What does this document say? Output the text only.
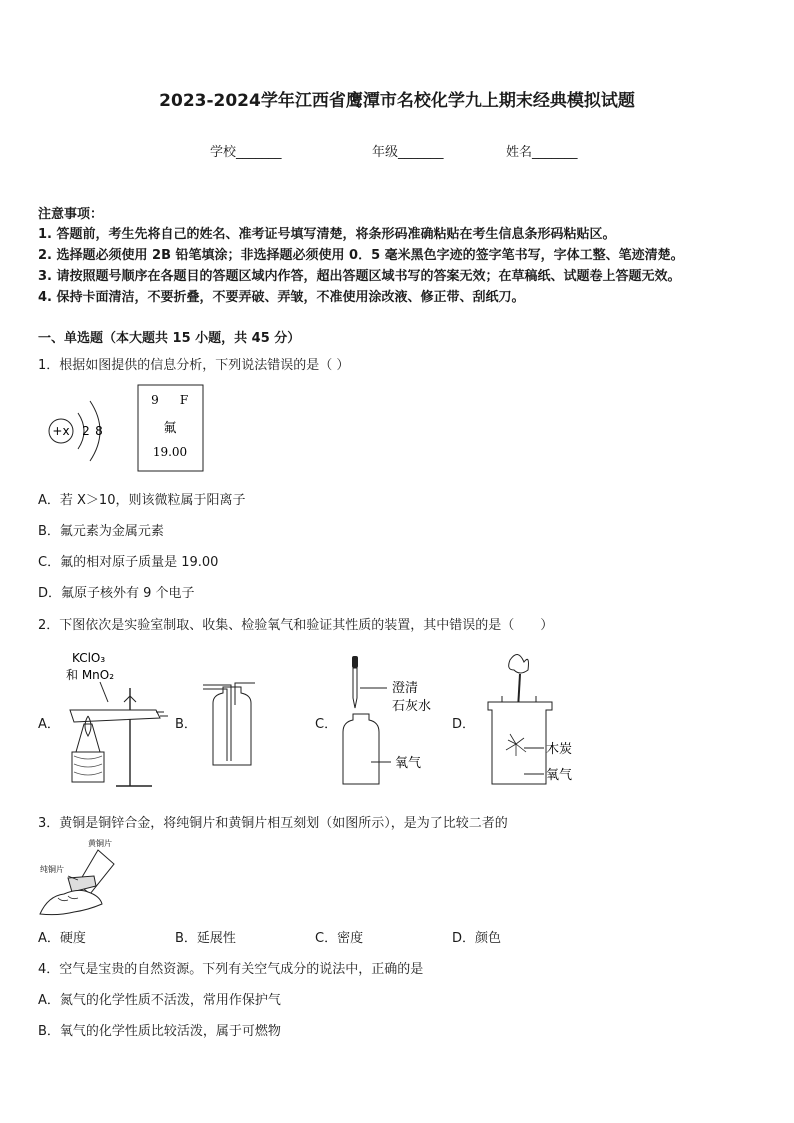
2023-2024学年江西省鹰潭市名校化学九上期末经典模拟试题
学校_______	年级_______	姓名_______
注意事项：
1. 答题前，考生先将自己的姓名、准考证号填写清楚，将条形码准确粘贴在考生信息条形码粘贴区。
2. 选择题必须使用 2B 铅笔填涂；非选择题必须使用 0．5 毫米黑色字迹的签字笔书写，字体工整、笔迹清楚。
3. 请按照题号顺序在各题目的答题区域内作答，超出答题区域书写的答案无效；在草稿纸、试题卷上答题无效。
4. 保持卡面清洁，不要折叠，不要弄破、弄皱，不准使用涂改液、修正带、刮纸刀。
一、单选题（本大题共 15 小题，共 45 分）
1．根据如图提供的信息分析，下列说法错误的是（ ）
+x 2 8
9 F
氟
19.00
A．若 X＞10，则该微粒属于阳离子
B．氟元素为金属元素
C．氟的相对原子质量是 19.00
D．氟原子核外有 9 个电子
2．下图依次是实验室制取、收集、检验氧气和验证其性质的装置，其中错误的是（　　）
A．	B．	C．	D．
KClO₃
和 MnO₂
澄清
石灰水
氧气
木炭
氧气
3．黄铜是铜锌合金，将纯铜片和黄铜片相互刻划（如图所示），是为了比较二者的
黄铜片
纯铜片
A．硬度	B．延展性	C．密度	D．颜色
4．空气是宝贵的自然资源。下列有关空气成分的说法中，正确的是
A．氮气的化学性质不活泼，常用作保护气
B．氧气的化学性质比较活泼，属于可燃物
